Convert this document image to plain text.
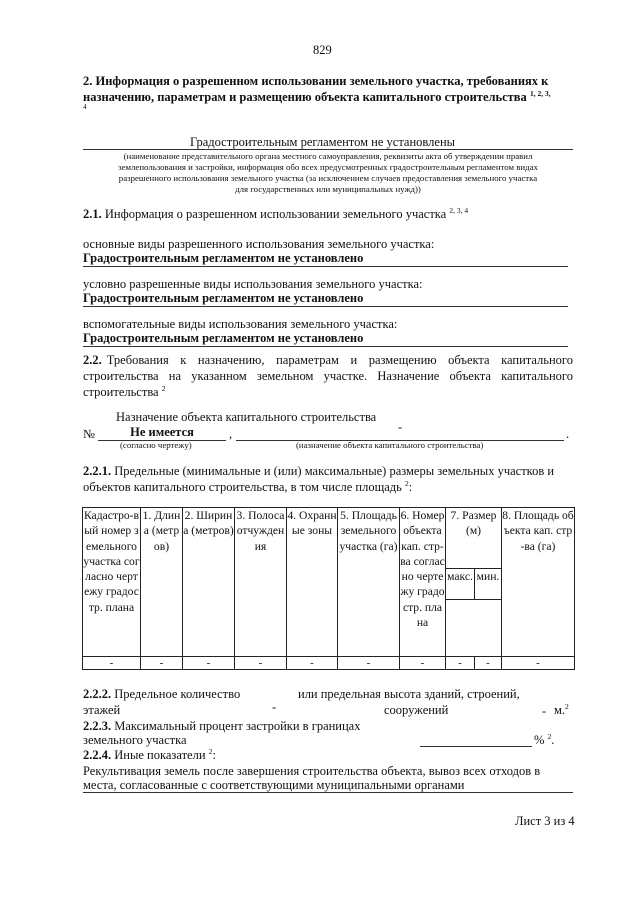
829
2. Информация о разрешенном использовании земельного участка, требованиях к
назначению, параметрам и размещению объекта капитального строительства $^{1, 2, 3,}$
4
Градостроительным регламентом не установлены
(наименование представительного органа местного самоуправления, реквизиты акта об утверждении правил
землепользования и застройки, информация обо всех предусмотренных градостроительным регламентом видах
разрешенного использования земельного участка (за исключением случаев предоставления земельного участка
для государственных или муниципальных нужд))
2.1. Информация о разрешенном использовании земельного участка $^{2, 3, 4}$
основные виды разрешенного использования земельного участка:
Градостроительным регламентом не установлено
условно разрешенные виды использования земельного участка:
Градостроительным регламентом не установлено
вспомогательные виды использования земельного участка:
Градостроительным регламентом не установлено
2.2. Требования к назначению, параметрам и размещению объекта капитального
строительства на указанном земельном участке. Назначение объекта капитального
строительства $^2$
Назначение объекта капитального строительства
№	Не имеется	,	-	.
(согласно чертежу)	(назначение объекта капитального строительства)
2.2.1. Предельные (минимальные и (или) максимальные) размеры земельных участков и
объектов капитального строительства, в том числе площадь $^2$:
Кадастро-вый номер земельного участка согласно чертежу градостр. плана	1. Длина (метров)	2. Ширина (метров)	3. Полоса отчуждения	4. Охранные зоны	5. Площадь земельного участка (га)	6. Номер объекта кап. стр-ва согласно чертежу градостр. плана	7. Размер (м)		8. Площадь объекта кап. стр-ва (га)
							макс.	мин.	

-	-	-	-	-	-	-	-	-	-
2.2.2. Предельное количество	или предельная высота зданий, строений,
этажей	-	сооружений	- м.$^2$
2.2.3. Максимальный процент застройки в границах
земельного участка	% $^2$.
2.2.4. Иные показатели $^2$:
Рекультивация земель после завершения строительства объекта, вывоз всех отходов в
места, согласованные с соответствующими муниципальными органами
Лист 3 из 4
